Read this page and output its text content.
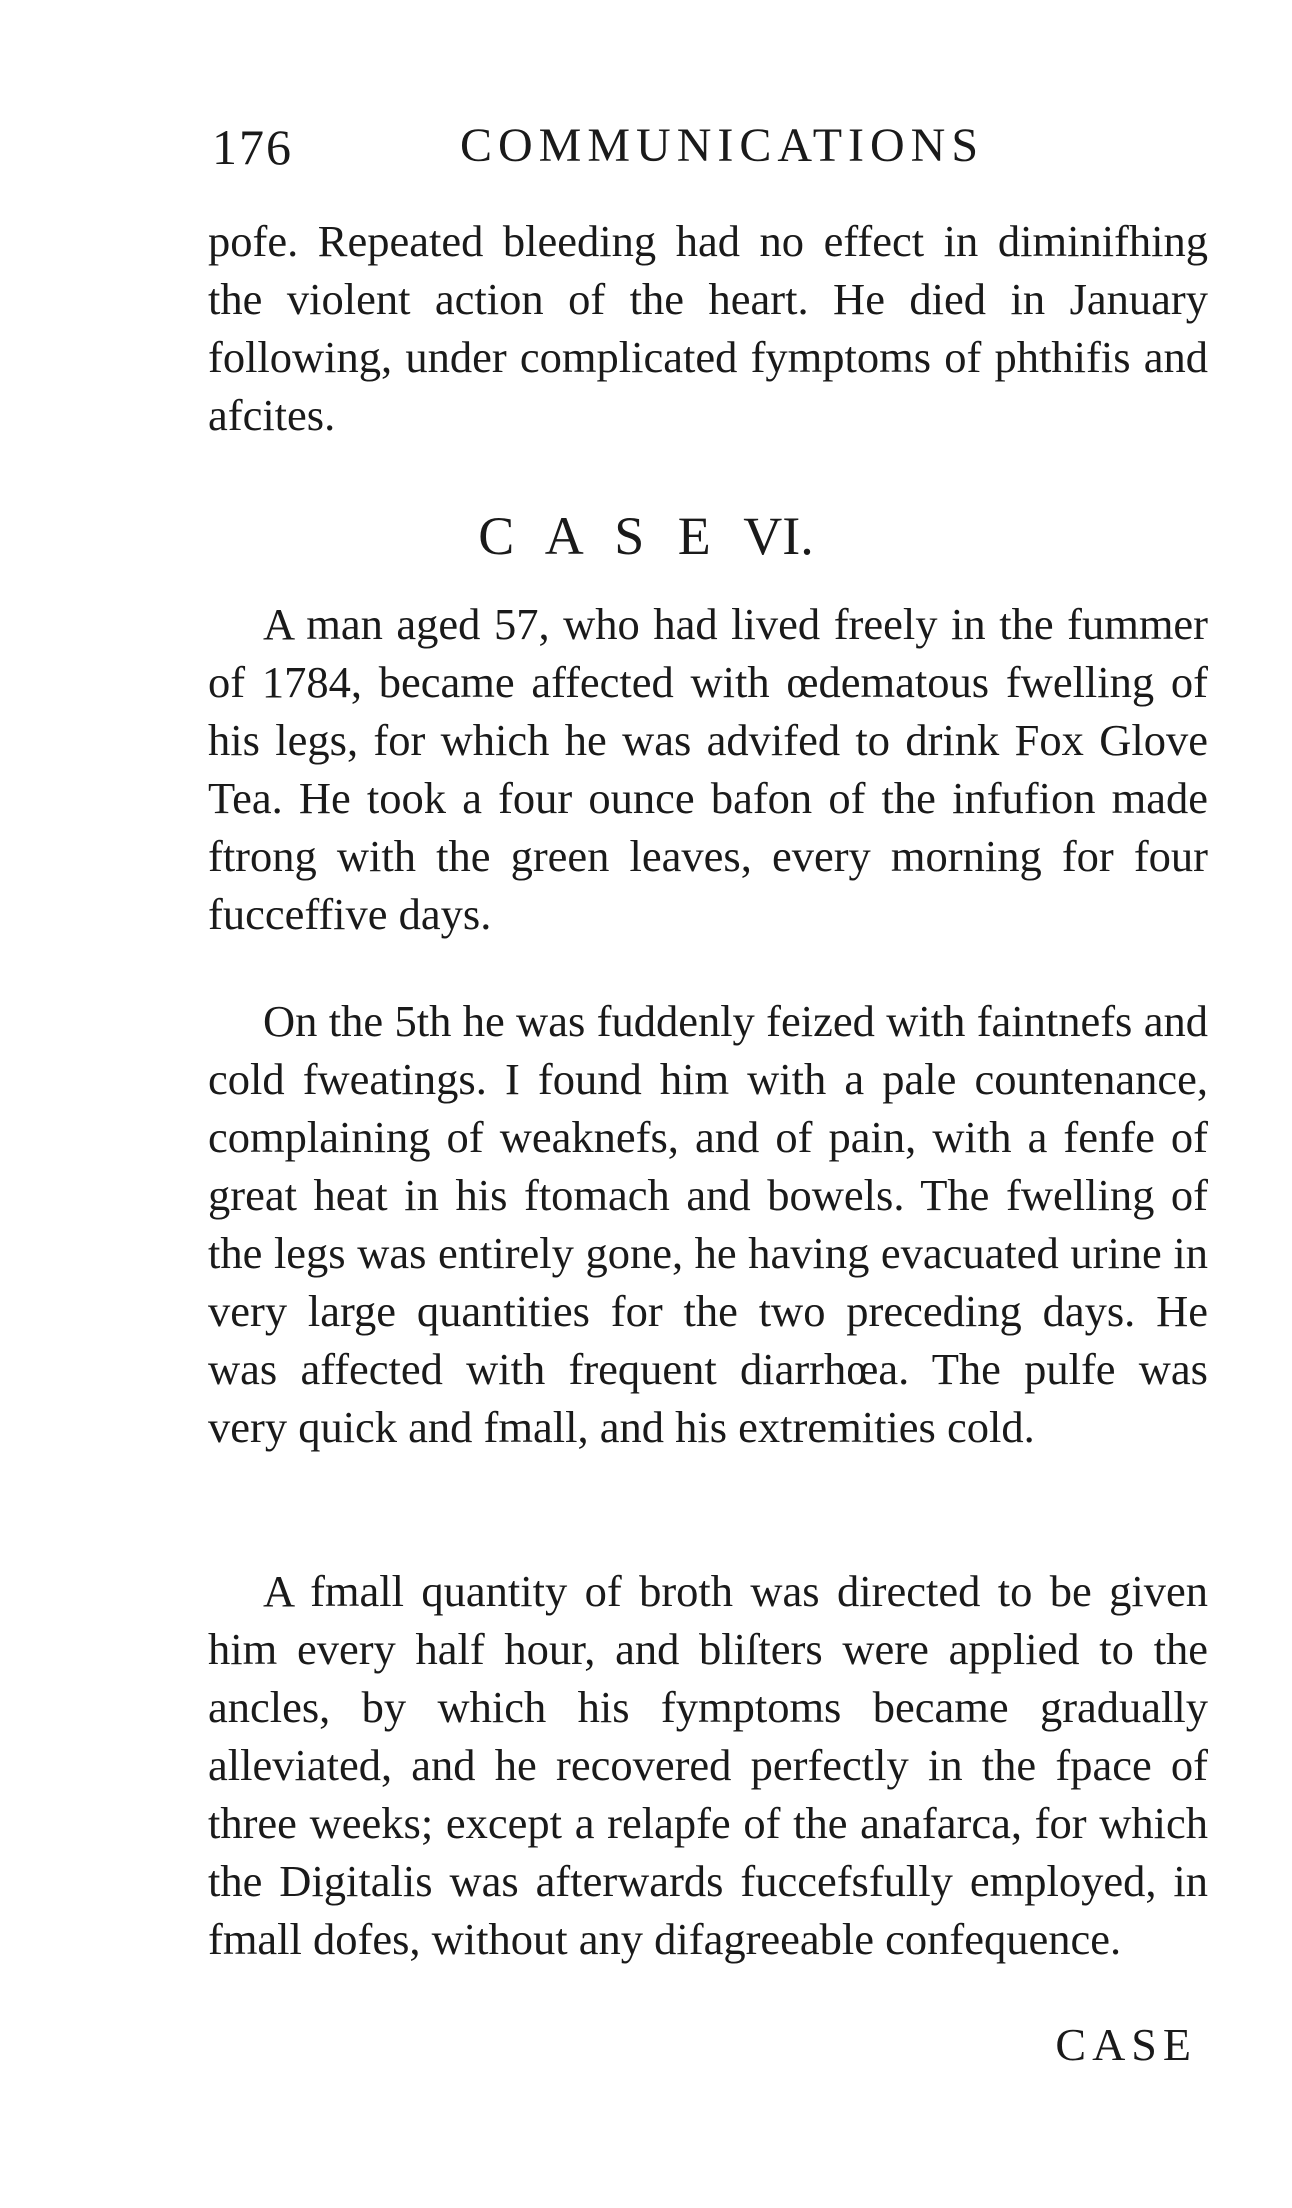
176	COMMUNICATIONS
pofe. Repeated bleeding had no effect in diminifhing the violent action of the heart. He died in January following, under complicated fymptoms of phthifis and afcites.
C A S E VI.
A man aged 57, who had lived freely in the fummer of 1784, became affected with œdematous fwelling of his legs, for which he was advifed to drink Fox Glove Tea. He took a four ounce bafon of the infufion made ftrong with the green leaves, every morning for four fucceffive days.
On the 5th he was fuddenly feized with faintnefs and cold fweatings. I found him with a pale countenance, complaining of weaknefs, and of pain, with a fenfe of great heat in his ftomach and bowels. The fwelling of the legs was entirely gone, he having evacuated urine in very large quantities for the two preceding days. He was affected with frequent diarrhœa. The pulfe was very quick and fmall, and his extremities cold.
A fmall quantity of broth was directed to be given him every half hour, and bliſters were applied to the ancles, by which his fymptoms became gradually alleviated, and he recovered perfectly in the fpace of three weeks; except a relapfe of the anafarca, for which the Digitalis was afterwards fuccefsfully employed, in fmall dofes, without any difagreeable confequence.
CASE
